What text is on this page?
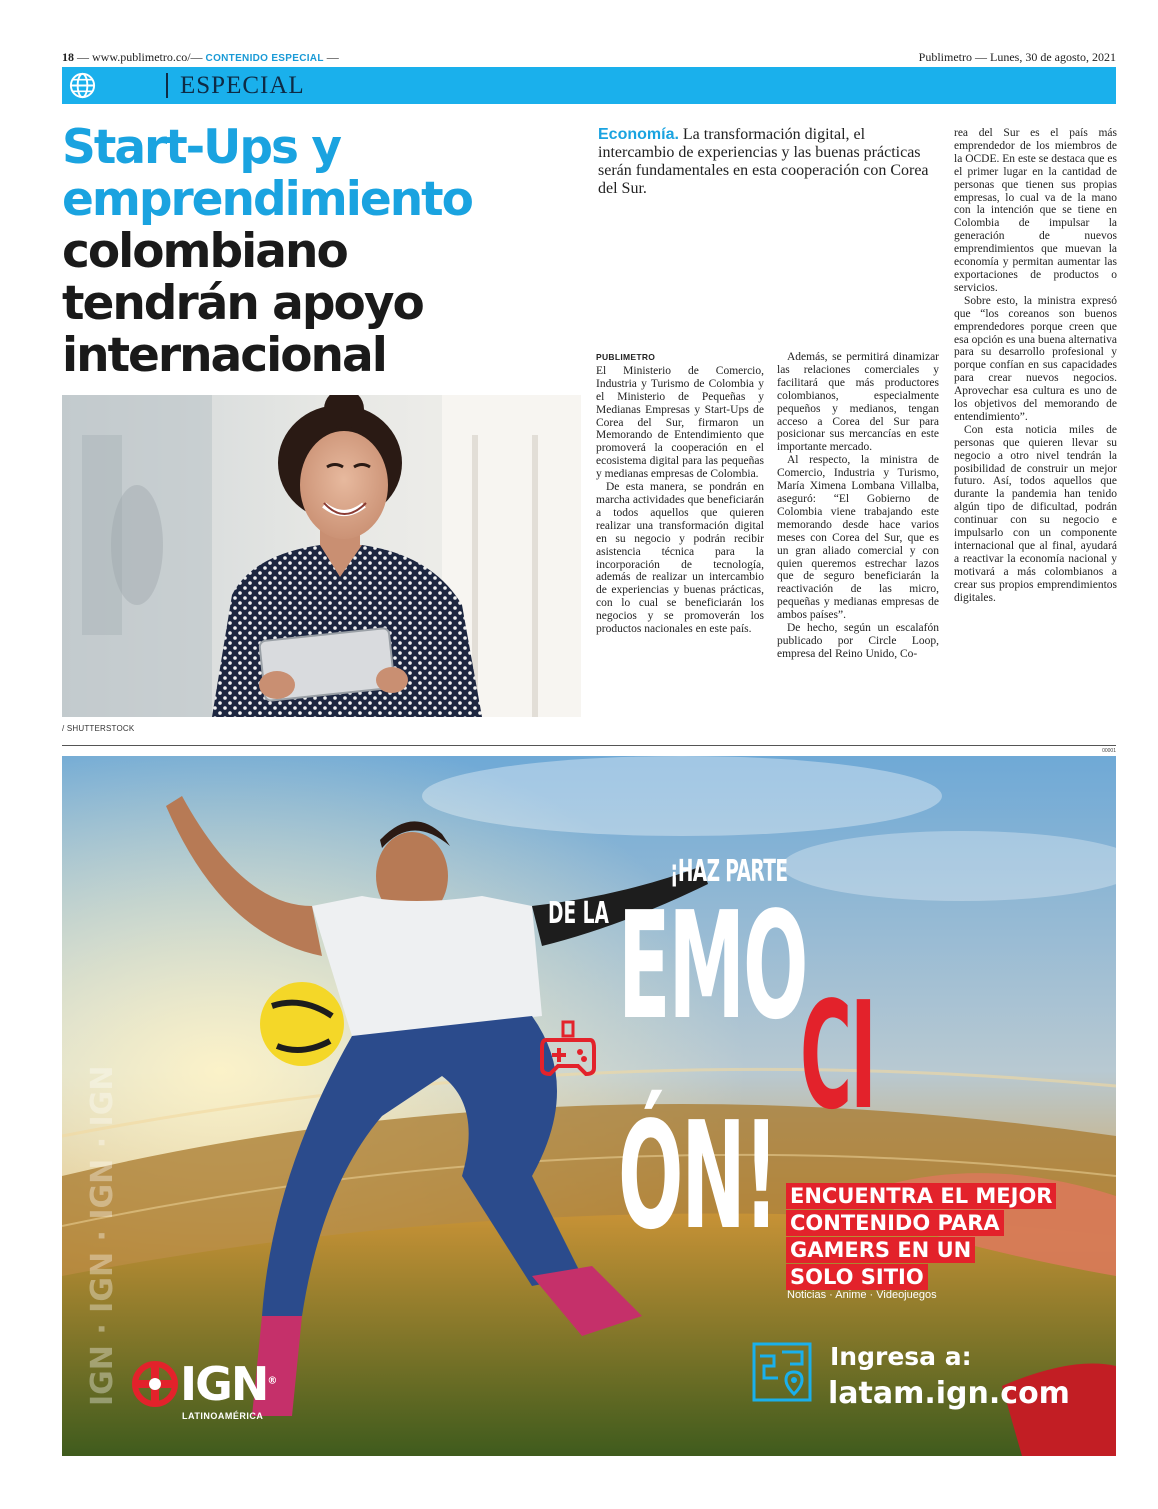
18 — www.publimetro.co/— CONTENIDO ESPECIAL —	Publimetro — Lunes, 30 de agosto, 2021
ESPECIAL
Start-Ups y
emprendimiento
colombiano
tendrán apoyo
internacional
Economía. La transformación digital, el intercambio de experiencias y las buenas prácticas serán fundamentales en esta cooperación con Corea del Sur.
/ SHUTTERSTOCK
PUBLIMETRO

El Ministerio de Comercio, Industria y Turismo de Colombia y el Ministerio de Pequeñas y Medianas Empresas y Start-Ups de Corea del Sur, firmaron un Memorando de Entendimiento que promoverá la cooperación en el ecosistema digital para las pequeñas y medianas empresas de Colombia.

De esta manera, se pondrán en marcha actividades que beneficiarán a todos aquellos que quieren realizar una transformación digital en su negocio y podrán recibir asistencia técnica para la incorporación de tecnología, además de realizar un intercambio de experiencias y buenas prácticas, con lo cual se beneficiarán los negocios y se promoverán los productos nacionales en este país.

Además, se permitirá dinamizar las relaciones comerciales y facilitará que más productores colombianos, especialmente pequeños y medianos, tengan acceso a Corea del Sur para posicionar sus mercancías en este importante mercado.

Al respecto, la ministra de Comercio, Industria y Turismo, María Ximena Lombana Villalba, aseguró: “El Gobierno de Colombia viene trabajando este memorando desde hace varios meses con Corea del Sur, que es un gran aliado comercial y con quien queremos estrechar lazos que de seguro beneficiarán la reactivación de las micro, pequeñas y medianas empresas de ambos países”.

De hecho, según un escalafón publicado por Circle Loop, empresa del Reino Unido, Co-

rea del Sur es el país más emprendedor de los miembros de la OCDE. En este se destaca que es el primer lugar en la cantidad de personas que tienen sus propias empresas, lo cual va de la mano con la intención que se tiene en Colombia de impulsar la generación de nuevos emprendimientos que muevan la economía y permitan aumentar las exportaciones de productos o servicios.

Sobre esto, la ministra expresó que “los coreanos son buenos emprendedores porque creen que esa opción es una buena alternativa para su desarrollo profesional y porque confían en sus capacidades para crear nuevos negocios. Aprovechar esa cultura es uno de los objetivos del memorando de entendimiento”.

Con esta noticia miles de personas que quieren llevar su negocio a otro nivel tendrán la posibilidad de construir un mejor futuro. Así, todos aquellos que durante la pandemia han tenido algún tipo de dificultad, podrán continuar con su negocio e impulsarlo con un componente internacional que al final, ayudará a reactivar la economía nacional y motivará a más colombianos a crear sus propios emprendimientos digitales.

00001
IGN · IGN · IGN · IGN
¡HAZ PARTE
DE LA EMO
CI
ÓN! ENCUENTRA EL MEJOR
CONTENIDO PARA
GAMERS EN UN
SOLO SITIO
Noticias · Anime · Videojuegos
IGN®
LATINOAMÉRICA
Ingresa a:
latam.ign.com
